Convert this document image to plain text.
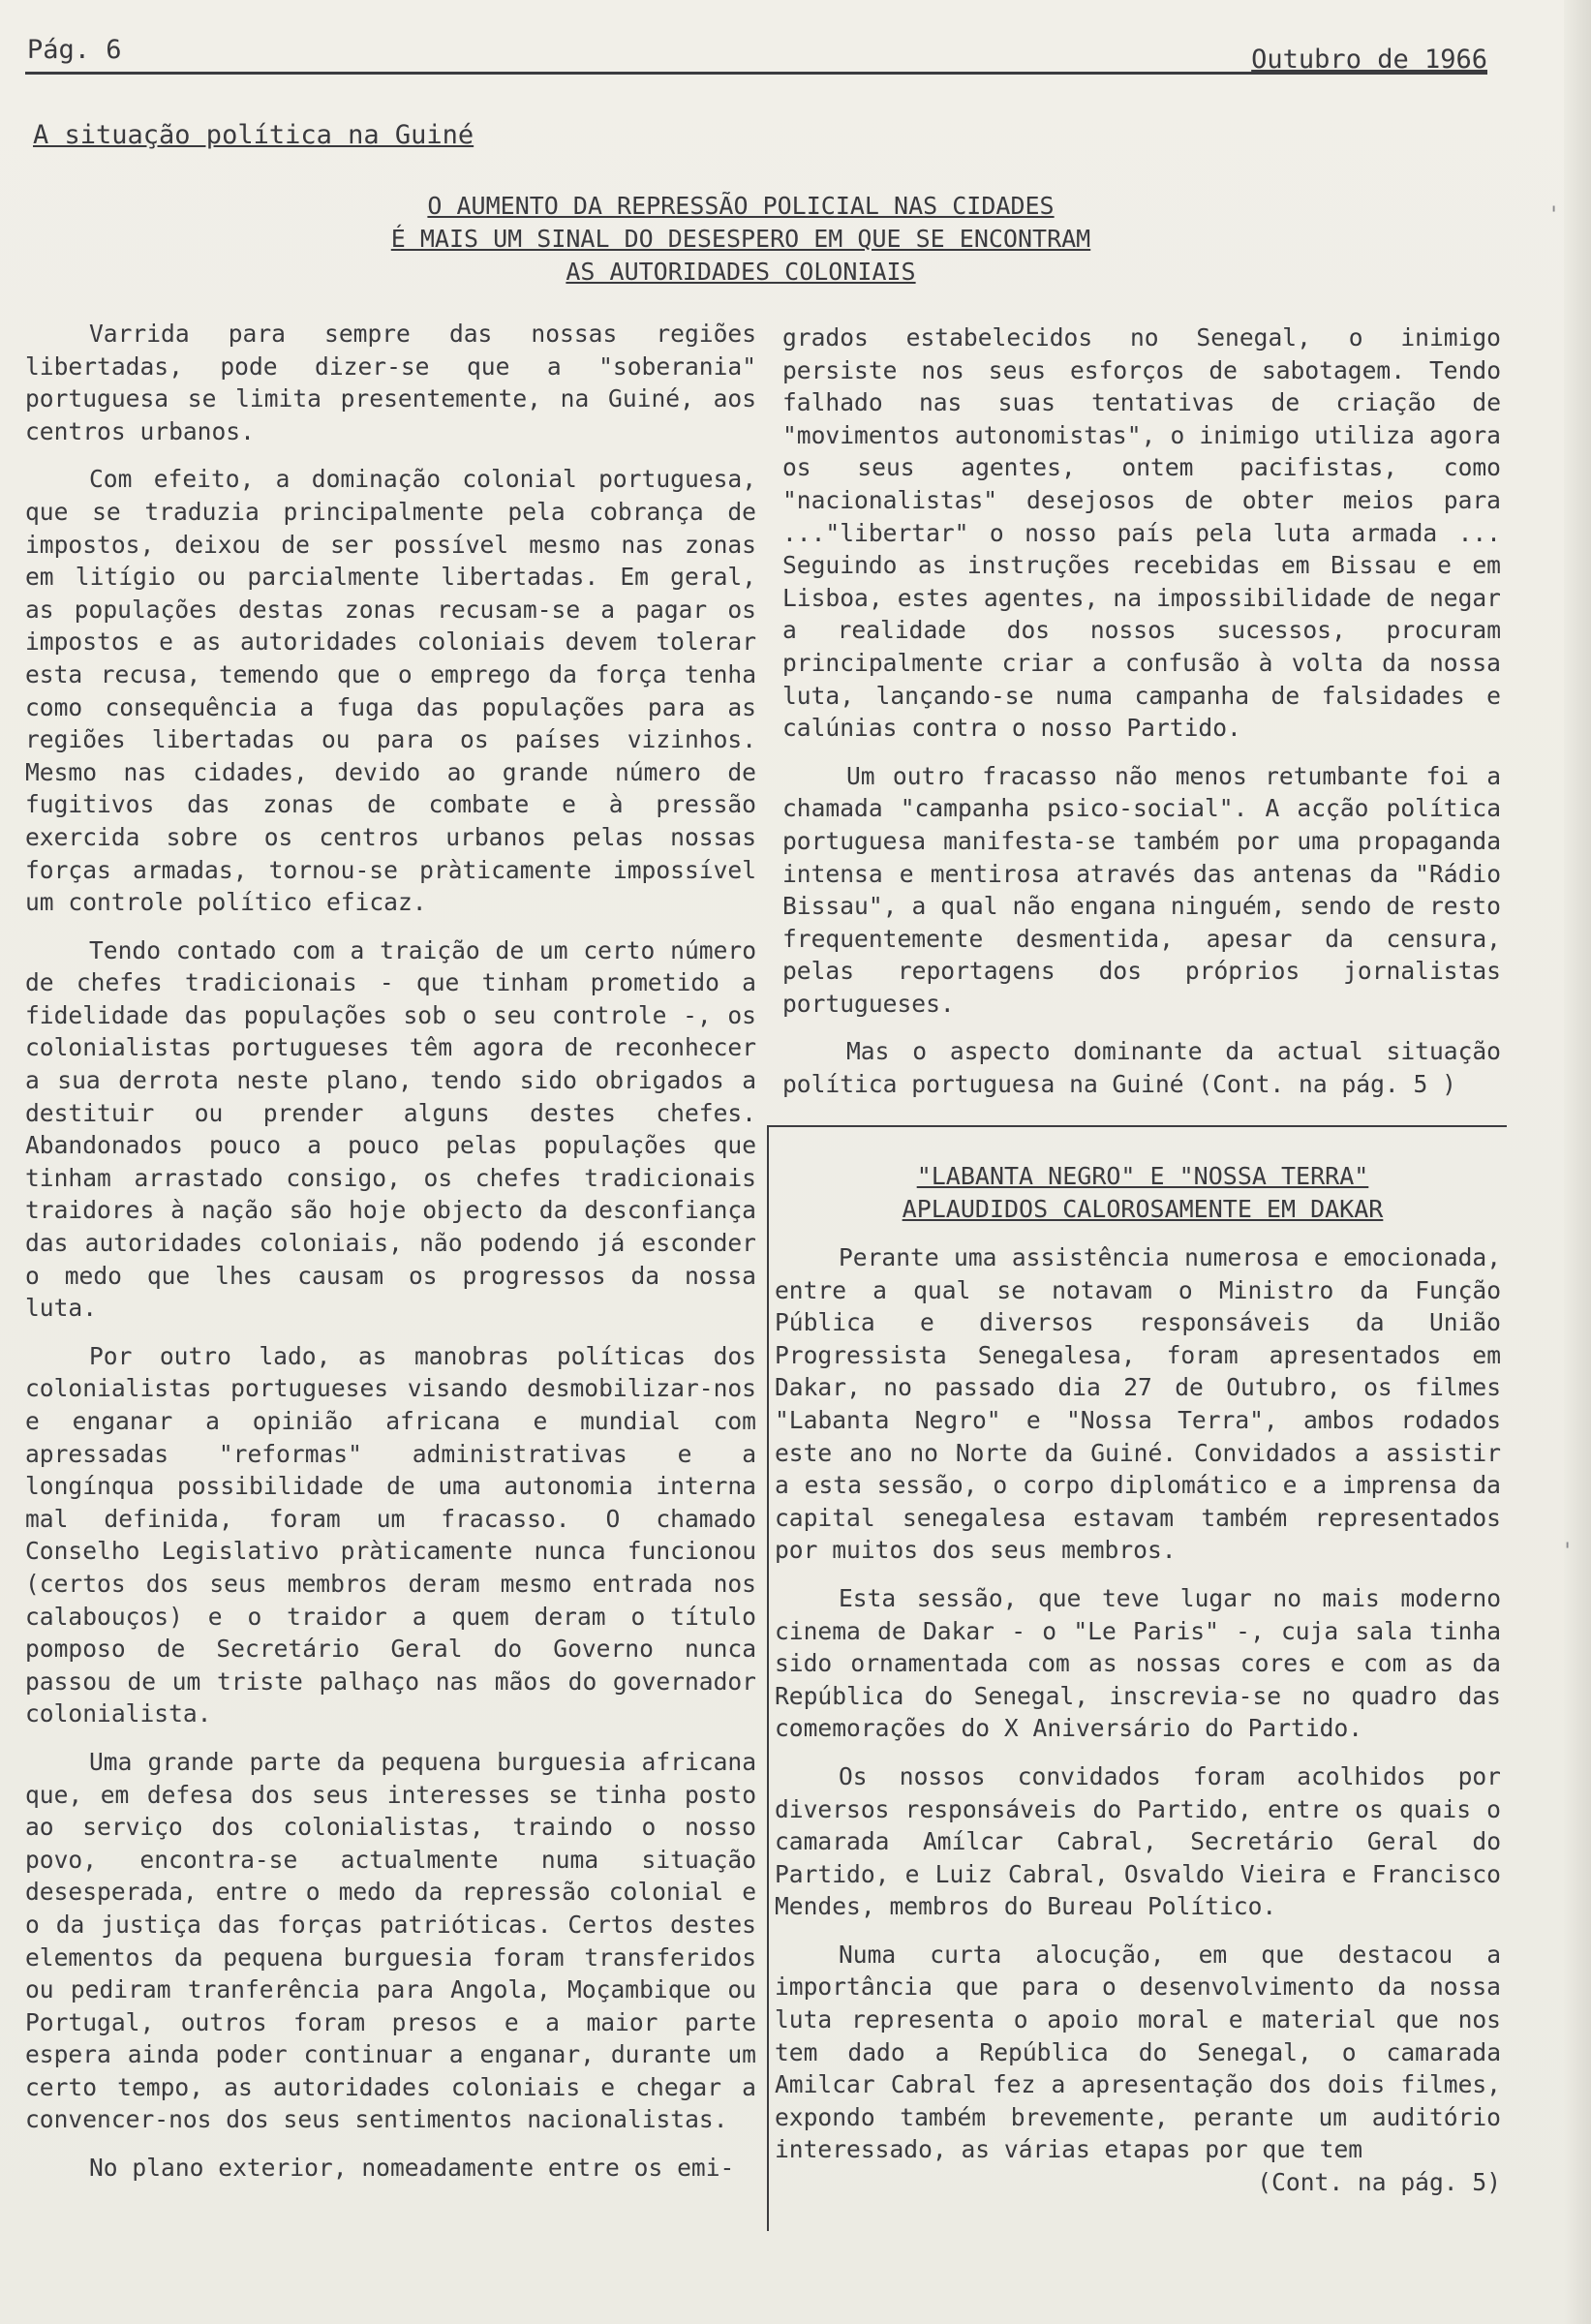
Pág. 6	Outubro de 1966
A situação política na Guiné
O AUMENTO DA REPRESSÃO POLICIAL NAS CIDADES
É MAIS UM SINAL DO DESESPERO EM QUE SE ENCONTRAM
AS AUTORIDADES COLONIAIS

Varrida para sempre das nossas regiões libertadas, pode dizer-se que a "soberania" portuguesa se limita presentemente, na Guiné, aos centros urbanos.

Com efeito, a dominação colonial portuguesa, que se traduzia principalmente pela cobrança de impostos, deixou de ser possível mesmo nas zonas em litígio ou parcialmente libertadas. Em geral, as populações destas zonas recusam-se a pagar os impostos e as autoridades coloniais devem tolerar esta recusa, temendo que o emprego da força tenha como consequência a fuga das populações para as regiões libertadas ou para os países vizinhos. Mesmo nas cidades, devido ao grande número de fugitivos das zonas de combate e à pressão exercida sobre os centros urbanos pelas nossas forças armadas, tornou-se pràticamente impossível um controle político eficaz.

Tendo contado com a traição de um certo número de chefes tradicionais - que tinham prometido a fidelidade das populações sob o seu controle -, os colonialistas portugueses têm agora de reconhecer a sua derrota neste plano, tendo sido obrigados a destituir ou prender alguns destes chefes. Abandonados pouco a pouco pelas populações que tinham arrastado consigo, os chefes tradicionais traidores à nação são hoje objecto da desconfiança das autoridades coloniais, não podendo já esconder o medo que lhes causam os progressos da nossa luta.

Por outro lado, as manobras políticas dos colonialistas portugueses visando desmobilizar-nos e enganar a opinião africana e mundial com apressadas "reformas" administrativas e a longínqua possibilidade de uma autonomia interna mal definida, foram um fracasso. O chamado Conselho Legislativo pràticamente nunca funcionou (certos dos seus membros deram mesmo entrada nos calabouços) e o traidor a quem deram o título pomposo de Secretário Geral do Governo nunca passou de um triste palhaço nas mãos do governador colonialista.

Uma grande parte da pequena burguesia africana que, em defesa dos seus interesses se tinha posto ao serviço dos colonialistas, traindo o nosso povo, encontra-se actualmente numa situação desesperada, entre o medo da repressão colonial e o da justiça das forças patrióticas. Certos destes elementos da pequena burguesia foram transferidos ou pediram tranferência para Angola, Moçambique ou Portugal, outros foram presos e a maior parte espera ainda poder continuar a enganar, durante um certo tempo, as autoridades coloniais e chegar a convencer-nos dos seus sentimentos nacionalistas.

No plano exterior, nomeadamente entre os emi-

grados estabelecidos no Senegal, o inimigo persiste nos seus esforços de sabotagem. Tendo falhado nas suas tentativas de criação de "movimentos autonomistas", o inimigo utiliza agora os seus agentes, ontem pacifistas, como "nacionalistas" desejosos de obter meios para ..."libertar" o nosso país pela luta armada ... Seguindo as instruções recebidas em Bissau e em Lisboa, estes agentes, na impossibilidade de negar a realidade dos nossos sucessos, procuram principalmente criar a confusão à volta da nossa luta, lançando-se numa campanha de falsidades e calúnias contra o nosso Partido.

Um outro fracasso não menos retumbante foi a chamada "campanha psico-social". A acção política portuguesa manifesta-se também por uma propaganda intensa e mentirosa através das antenas da "Rádio Bissau", a qual não engana ninguém, sendo de resto frequentemente desmentida, apesar da censura, pelas reportagens dos próprios jornalistas portugueses.

Mas o aspecto dominante da actual situação política portuguesa na Guiné (Cont. na pág. 5 )

"LABANTA NEGRO" E "NOSSA TERRA"
APLAUDIDOS CALOROSAMENTE EM DAKAR

Perante uma assistência numerosa e emocionada, entre a qual se notavam o Ministro da Função Pública e diversos responsáveis da União Progressista Senegalesa, foram apresentados em Dakar, no passado dia 27 de Outubro, os filmes "Labanta Negro" e "Nossa Terra", ambos rodados este ano no Norte da Guiné. Convidados a assistir a esta sessão, o corpo diplomático e a imprensa da capital senegalesa estavam também representados por muitos dos seus membros.

Esta sessão, que teve lugar no mais moderno cinema de Dakar - o "Le Paris" -, cuja sala tinha sido ornamentada com as nossas cores e com as da República do Senegal, inscrevia-se no quadro das comemorações do X Aniversário do Partido.

Os nossos convidados foram acolhidos por diversos responsáveis do Partido, entre os quais o camarada Amílcar Cabral, Secretário Geral do Partido, e Luiz Cabral, Osvaldo Vieira e Francisco Mendes, membros do Bureau Político.

Numa curta alocução, em que destacou a importância que para o desenvolvimento da nossa luta representa o apoio moral e material que nos tem dado a República do Senegal, o camarada Amilcar Cabral fez a apresentação dos dois filmes, expondo também brevemente, perante um auditório interessado, as várias etapas por que tem

(Cont. na pág. 5)
'
'
